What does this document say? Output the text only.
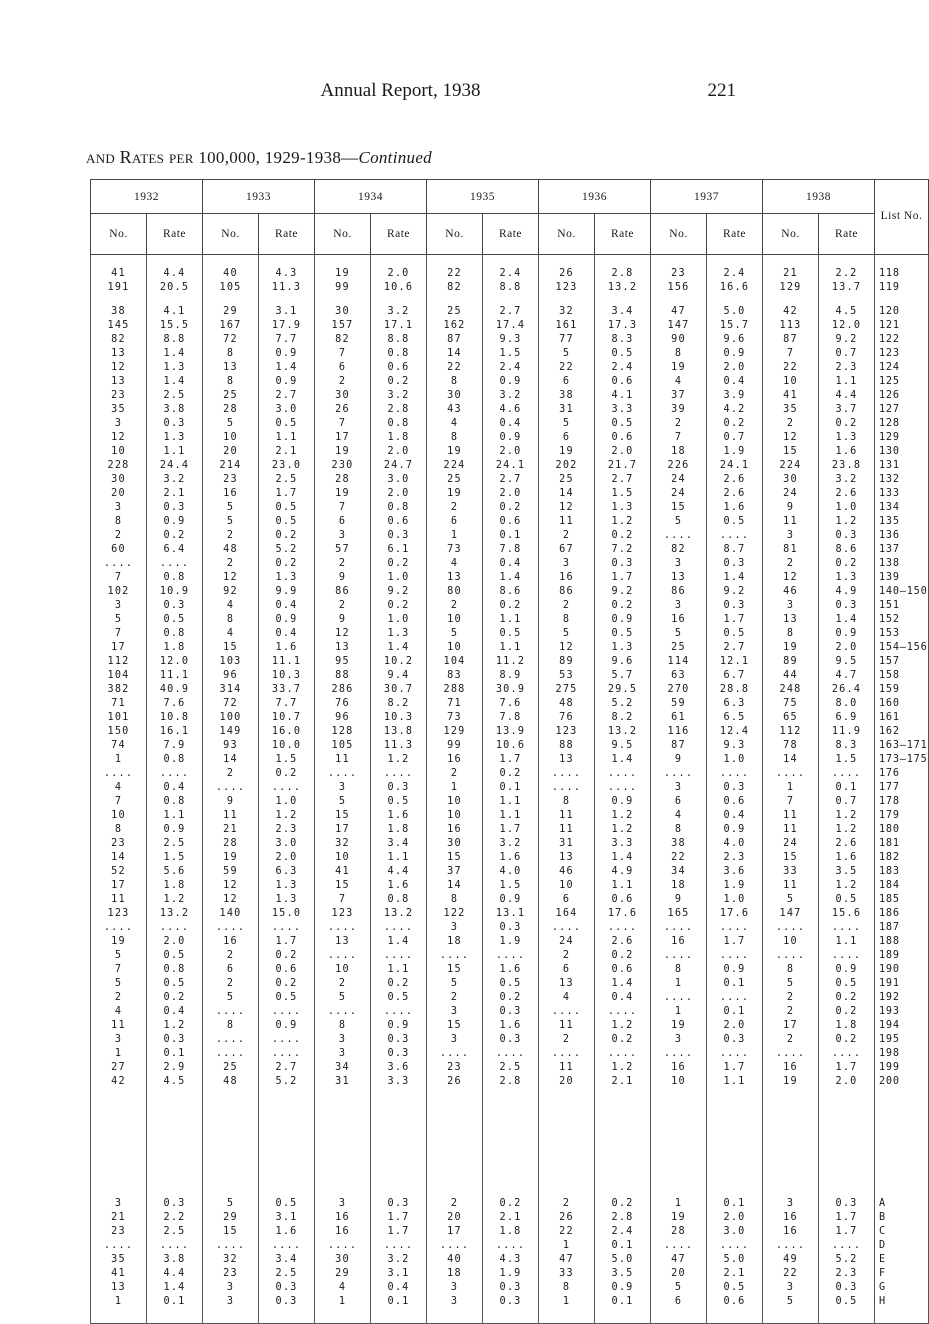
Annual Report, 1938	221
and Rates per 100,000, 1929-1938—Continued
1932		1933		1934		1935		1936		1937		1938		List No.
No.	Rate	No.	Rate	No.	Rate	No.	Rate	No.	Rate	No.	Rate	No.	Rate	

41	4.4	40	4.3	19	2.0	22	2.4	26	2.8	23	2.4	21	2.2	118
191	20.5	105	11.3	99	10.6	82	8.8	123	13.2	156	16.6	129	13.7	119

38	4.1	29	3.1	30	3.2	25	2.7	32	3.4	47	5.0	42	4.5	120
145	15.5	167	17.9	157	17.1	162	17.4	161	17.3	147	15.7	113	12.0	121
82	8.8	72	7.7	82	8.8	87	9.3	77	8.3	90	9.6	87	9.2	122
13	1.4	8	0.9	7	0.8	14	1.5	5	0.5	8	0.9	7	0.7	123
12	1.3	13	1.4	6	0.6	22	2.4	22	2.4	19	2.0	22	2.3	124
13	1.4	8	0.9	2	0.2	8	0.9	6	0.6	4	0.4	10	1.1	125
23	2.5	25	2.7	30	3.2	30	3.2	38	4.1	37	3.9	41	4.4	126
35	3.8	28	3.0	26	2.8	43	4.6	31	3.3	39	4.2	35	3.7	127
3	0.3	5	0.5	7	0.8	4	0.4	5	0.5	2	0.2	2	0.2	128
12	1.3	10	1.1	17	1.8	8	0.9	6	0.6	7	0.7	12	1.3	129
10	1.1	20	2.1	19	2.0	19	2.0	19	2.0	18	1.9	15	1.6	130
228	24.4	214	23.0	230	24.7	224	24.1	202	21.7	226	24.1	224	23.8	131
30	3.2	23	2.5	28	3.0	25	2.7	25	2.7	24	2.6	30	3.2	132
20	2.1	16	1.7	19	2.0	19	2.0	14	1.5	24	2.6	24	2.6	133
3	0.3	5	0.5	7	0.8	2	0.2	12	1.3	15	1.6	9	1.0	134
8	0.9	5	0.5	6	0.6	6	0.6	11	1.2	5	0.5	11	1.2	135
2	0.2	2	0.2	3	0.3	1	0.1	2	0.2	....	....	3	0.3	136
60	6.4	48	5.2	57	6.1	73	7.8	67	7.2	82	8.7	81	8.6	137
....	....	2	0.2	2	0.2	4	0.4	3	0.3	3	0.3	2	0.2	138
7	0.8	12	1.3	9	1.0	13	1.4	16	1.7	13	1.4	12	1.3	139
102	10.9	92	9.9	86	9.2	80	8.6	86	9.2	86	9.2	46	4.9	140–150
3	0.3	4	0.4	2	0.2	2	0.2	2	0.2	3	0.3	3	0.3	151
5	0.5	8	0.9	9	1.0	10	1.1	8	0.9	16	1.7	13	1.4	152
7	0.8	4	0.4	12	1.3	5	0.5	5	0.5	5	0.5	8	0.9	153
17	1.8	15	1.6	13	1.4	10	1.1	12	1.3	25	2.7	19	2.0	154–156
112	12.0	103	11.1	95	10.2	104	11.2	89	9.6	114	12.1	89	9.5	157
104	11.1	96	10.3	88	9.4	83	8.9	53	5.7	63	6.7	44	4.7	158
382	40.9	314	33.7	286	30.7	288	30.9	275	29.5	270	28.8	248	26.4	159
71	7.6	72	7.7	76	8.2	71	7.6	48	5.2	59	6.3	75	8.0	160
101	10.8	100	10.7	96	10.3	73	7.8	76	8.2	61	6.5	65	6.9	161
150	16.1	149	16.0	128	13.8	129	13.9	123	13.2	116	12.4	112	11.9	162
74	7.9	93	10.0	105	11.3	99	10.6	88	9.5	87	9.3	78	8.3	163–171
1	0.8	14	1.5	11	1.2	16	1.7	13	1.4	9	1.0	14	1.5	173–175
....	....	2	0.2	....	....	2	0.2	....	....	....	....	....	....	176
4	0.4	....	....	3	0.3	1	0.1	....	....	3	0.3	1	0.1	177
7	0.8	9	1.0	5	0.5	10	1.1	8	0.9	6	0.6	7	0.7	178
10	1.1	11	1.2	15	1.6	10	1.1	11	1.2	4	0.4	11	1.2	179
8	0.9	21	2.3	17	1.8	16	1.7	11	1.2	8	0.9	11	1.2	180
23	2.5	28	3.0	32	3.4	30	3.2	31	3.3	38	4.0	24	2.6	181
14	1.5	19	2.0	10	1.1	15	1.6	13	1.4	22	2.3	15	1.6	182
52	5.6	59	6.3	41	4.4	37	4.0	46	4.9	34	3.6	33	3.5	183
17	1.8	12	1.3	15	1.6	14	1.5	10	1.1	18	1.9	11	1.2	184
11	1.2	12	1.3	7	0.8	8	0.9	6	0.6	9	1.0	5	0.5	185
123	13.2	140	15.0	123	13.2	122	13.1	164	17.6	165	17.6	147	15.6	186
....	....	....	....	....	....	3	0.3	....	....	....	....	....	....	187
19	2.0	16	1.7	13	1.4	18	1.9	24	2.6	16	1.7	10	1.1	188
5	0.5	2	0.2	....	....	....	....	2	0.2	....	....	....	....	189
7	0.8	6	0.6	10	1.1	15	1.6	6	0.6	8	0.9	8	0.9	190
5	0.5	2	0.2	2	0.2	5	0.5	13	1.4	1	0.1	5	0.5	191
2	0.2	5	0.5	5	0.5	2	0.2	4	0.4	....	....	2	0.2	192
4	0.4	....	....	....	....	3	0.3	....	....	1	0.1	2	0.2	193
11	1.2	8	0.9	8	0.9	15	1.6	11	1.2	19	2.0	17	1.8	194
3	0.3	....	....	3	0.3	3	0.3	2	0.2	3	0.3	2	0.2	195
1	0.1	....	....	3	0.3	....	....	....	....	....	....	....	....	198
27	2.9	25	2.7	34	3.6	23	2.5	11	1.2	16	1.7	16	1.7	199
42	4.5	48	5.2	31	3.3	26	2.8	20	2.1	10	1.1	19	2.0	200

3	0.3	5	0.5	3	0.3	2	0.2	2	0.2	1	0.1	3	0.3	A
21	2.2	29	3.1	16	1.7	20	2.1	26	2.8	19	2.0	16	1.7	B
23	2.5	15	1.6	16	1.7	17	1.8	22	2.4	28	3.0	16	1.7	C
....	....	....	....	....	....	....	....	1	0.1	....	....	....	....	D
35	3.8	32	3.4	30	3.2	40	4.3	47	5.0	47	5.0	49	5.2	E
41	4.4	23	2.5	29	3.1	18	1.9	33	3.5	20	2.1	22	2.3	F
13	1.4	3	0.3	4	0.4	3	0.3	8	0.9	5	0.5	3	0.3	G
1	0.1	3	0.3	1	0.1	3	0.3	1	0.1	6	0.6	5	0.5	H
